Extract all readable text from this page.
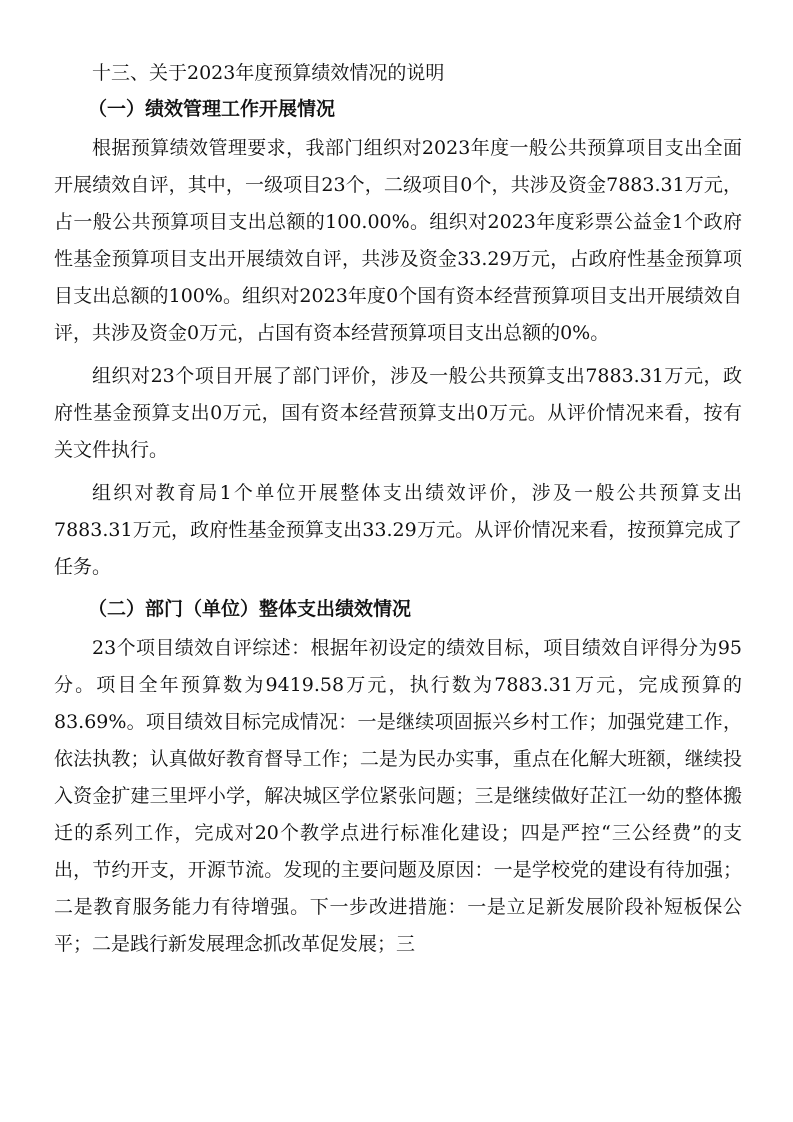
十三、关于2023年度预算绩效情况的说明
（一）绩效管理工作开展情况

根据预算绩效管理要求，我部门组织对2023年度一般公共预算项目支出全面开展绩效自评，其中，一级项目23个，二级项目0个，共涉及资金7883.31万元，占一般公共预算项目支出总额的100.00%。组织对2023年度彩票公益金1个政府性基金预算项目支出开展绩效自评，共涉及资金33.29万元，占政府性基金预算项目支出总额的100%。组织对2023年度0个国有资本经营预算项目支出开展绩效自评，共涉及资金0万元，占国有资本经营预算项目支出总额的0%。

组织对23个项目开展了部门评价，涉及一般公共预算支出7883.31万元，政府性基金预算支出0万元，国有资本经营预算支出0万元。从评价情况来看，按有关文件执行。

组织对教育局1个单位开展整体支出绩效评价，涉及一般公共预算支出7883.31万元，政府性基金预算支出33.29万元。从评价情况来看，按预算完成了任务。

（二）部门（单位）整体支出绩效情况

23个项目绩效自评综述：根据年初设定的绩效目标，项目绩效自评得分为95分。项目全年预算数为9419.58万元，执行数为7883.31万元，完成预算的83.69%。项目绩效目标完成情况：一是继续项固振兴乡村工作；加强党建工作，依法执教；认真做好教育督导工作；二是为民办实事，重点在化解大班额，继续投入资金扩建三里坪小学，解决城区学位紧张问题；三是继续做好芷江一幼的整体搬迁的系列工作，完成对20个教学点进行标准化建设；四是严控“三公经费”的支出，节约开支，开源节流。发现的主要问题及原因：一是学校党的建设有待加强；二是教育服务能力有待增强。下一步改进措施：一是立足新发展阶段补短板保公平；二是践行新发展理念抓改革促发展；三
